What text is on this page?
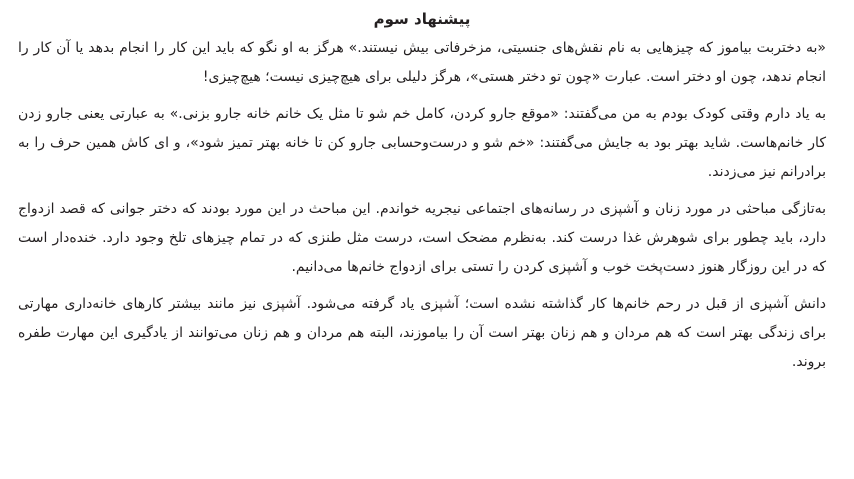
پیشنهاد سوم

«به دختربت بیاموز که چیزهایی به نام نقش‌های جنسیتی، مزخرفاتی بیش نیستند.» هرگز به او نگو که باید این کار را انجام بدهد یا آن کار را انجام ندهد، چون او دختر است. عبارت «چون تو دختر هستی»، هرگز دلیلی برای هیچ‌چیزی نیست؛ هیچ‌چیزی!

به یاد دارم وقتی کودک بودم به من می‌گفتند: «موقع جارو کردن، کامل خم شو تا مثل یک خانم خانه جارو بزنی.» به عبارتی یعنی جارو زدن کار خانم‌هاست. شاید بهتر بود به جایش می‌گفتند: «خم شو و درست‌وحسابی جارو کن تا خانه بهتر تمیز شود»، و ای کاش همین حرف را به برادرانم نیز می‌زدند.

به‌تازگی مباحثی در مورد زنان و آشپزی در رسانه‌های اجتماعی نیجریه خواندم. این مباحث در این مورد بودند که دختر جوانی که قصد ازدواج دارد، باید چطور برای شوهرش غذا درست کند. به‌نظرم مضحک است، درست مثل طنزی که در تمام چیزهای تلخ وجود دارد. خنده‌دار است که در این روزگار هنوز دست‌پخت خوب و آشپزی کردن را تستی برای ازدواج خانم‌ها می‌دانیم.

دانش آشپزی از قبل در رحم خانم‌ها کار گذاشته نشده است؛ آشپزی یاد گرفته می‌شود. آشپزی نیز مانند بیشتر کارهای خانه‌داری مهارتی برای زندگی بهتر است که هم مردان و هم زنان بهتر است آن را بیاموزند، البته هم مردان و هم زنان می‌توانند از یادگیری این مهارت طفره بروند.
